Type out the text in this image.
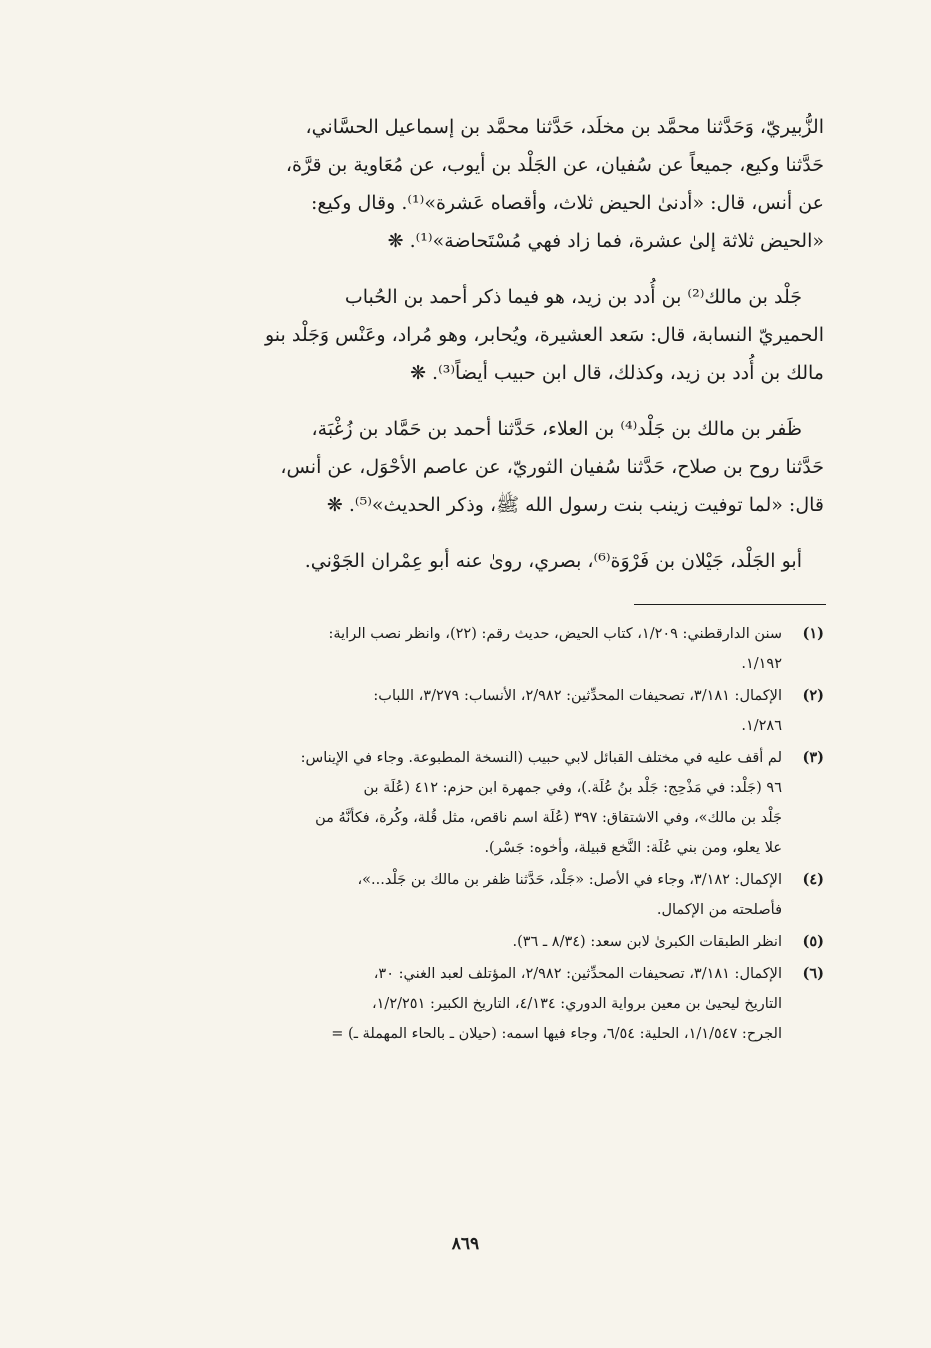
الزُّبيريّ، وَحَدَّثنا محمَّد بن مخلَد، حَدَّثنا محمَّد بن إسماعيل الحسَّاني،
حَدَّثنا وكيع، جميعاً عن سُفيان، عن الجَلْد بن أيوب، عن مُعَاوية بن قرَّة،
عن أنس، قال: «أدنىٰ الحيض ثلاث، وأقصاه عَشرة»⁽¹⁾. وقال وكيع:
«الحيض ثلاثة إلىٰ عشرة، فما زاد فهي مُسْتَحاضة»⁽¹⁾. ❋

جَلْد بن مالك⁽²⁾ بن أُدد بن زيد، هو فيما ذكر أحمد بن الحُباب
الحميريّ النسابة، قال: سَعد العشيرة، ويُحابر، وهو مُراد، وعَنْس وَجَلْد بنو
مالك بن أُدد بن زيد، وكذلك، قال ابن حبيب أيضاً⁽³⁾. ❋

ظَفر بن مالك بن جَلْد⁽⁴⁾ بن العلاء، حَدَّثنا أحمد بن حَمَّاد بن زُغْبَة،
حَدَّثنا روح بن صلاح، حَدَّثنا سُفيان الثوريّ، عن عاصم الأحْوَل، عن أنس،
قال: «لما توفيت زينب بنت رسول الله ﷺ، وذكر الحديث»⁽⁵⁾. ❋

أبو الجَلْد، جَيْلان بن فَرْوَة⁽⁶⁾، بصري، روىٰ عنه أبو عِمْران الجَوْني.

(١)
سنن الدارقطني: ١/٢٠٩، كتاب الحيض، حديث رقم: (٢٢)، وانظر نصب الراية:
١/١٩٢.
(٢)
الإكمال: ٣/١٨١، تصحيفات المحدِّثين: ٢/٩٨٢، الأنساب: ٣/٢٧٩، اللباب:
١/٢٨٦.
(٣)
لم أقف عليه في مختلف القبائل لابي حبيب (النسخة المطبوعة. وجاء في الإيناس:
٩٦ (جَلْد: في مَذْحِج: جَلْد بنُ عُلَة.)، وفي جمهرة ابن حزم: ٤١٢ (عُلَة بن
جَلْد بن مالك»، وفي الاشتقاق: ٣٩٧ (عُلَة اسم ناقص، مثل قُلة، وكُرة، فكأنَّهُ من
علا يعلو، ومن بني عُلَة: النَّخع قبيلة، وأخوه: جَسْر).
(٤)
الإكمال: ٣/١٨٢، وجاء في الأصل: «جَلْد، حَدَّثنا ظفر بن مالك بن جَلْد...»،
فأصلحته من الإكمال.
(٥)
انظر الطبقات الكبرىٰ لابن سعد: (٨/٣٤ ـ ٣٦).
(٦)
الإكمال: ٣/١٨١، تصحيفات المحدِّثين: ٢/٩٨٢، المؤتلف لعبد الغني: ٣٠،
التاريخ ليحيىٰ بن معين برواية الدوري: ٤/١٣٤، التاريخ الكبير: ١/٢/٢٥١،
الجرح: ١/١/٥٤٧، الحلية: ٦/٥٤، وجاء فيها اسمه: (حيلان ـ بالحاء المهملة ـ) =
٨٦٩
